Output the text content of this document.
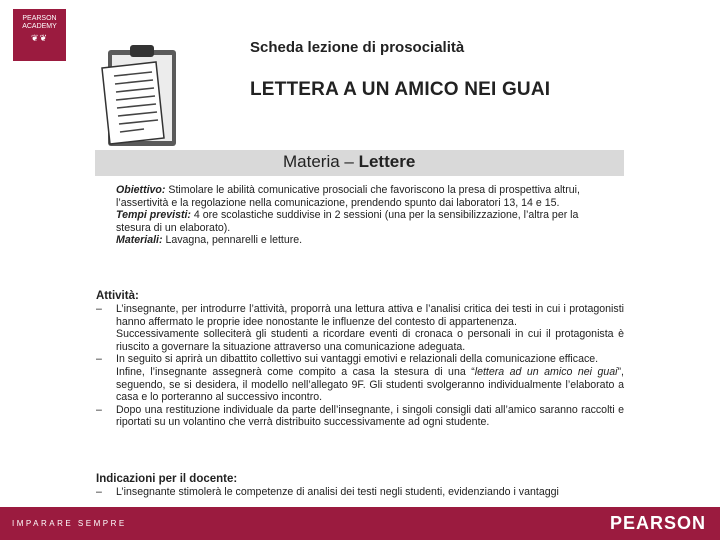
PEARSON
ACADEMY
❦❦
Scheda lezione di prosocialità
LETTERA A UN AMICO NEI GUAI
Materia – Lettere

Obiettivo: Stimolare le abilità comunicative prosociali che favoriscono la presa di prospettiva altrui, l’assertività e la regolazione nella comunicazione, prendendo spunto dai laboratori 13, 14 e 15.

Tempi previsti: 4 ore scolastiche suddivise in 2 sessioni (una per la sensibilizzazione, l’altra per la stesura di un elaborato).

Materiali: Lavagna, pennarelli e letture.

Attività:
–	L’insegnante, per introdurre l’attività, proporrà una lettura attiva e l’analisi critica dei testi in cui i protagonisti hanno affermato le proprie idee nonostante le influenze del contesto di appartenenza.
Successivamente solleciterà gli studenti a ricordare eventi di cronaca o personali in cui il protagonista è riuscito a governare la situazione attraverso una comunicazione adeguata.
–	In seguito si aprirà un dibattito collettivo sui vantaggi emotivi e relazionali della comunicazione efficace.
Infine, l’insegnante assegnerà come compito a casa la stesura di una “lettera ad un amico nei guai”, seguendo, se si desidera, il modello nell’allegato 9F. Gli studenti svolgeranno individualmente l’elaborato a casa e lo porteranno al successivo incontro.
–	Dopo una restituzione individuale da parte dell’insegnante, i singoli consigli dati all’amico saranno raccolti e riportati su un volantino che verrà distribuito successivamente ad ogni studente.
Indicazioni per il docente:
–	L’insegnante stimolerà le competenze di analisi dei testi negli studenti, evidenziando i vantaggi
IMPARARE SEMPRE	PEARSON
